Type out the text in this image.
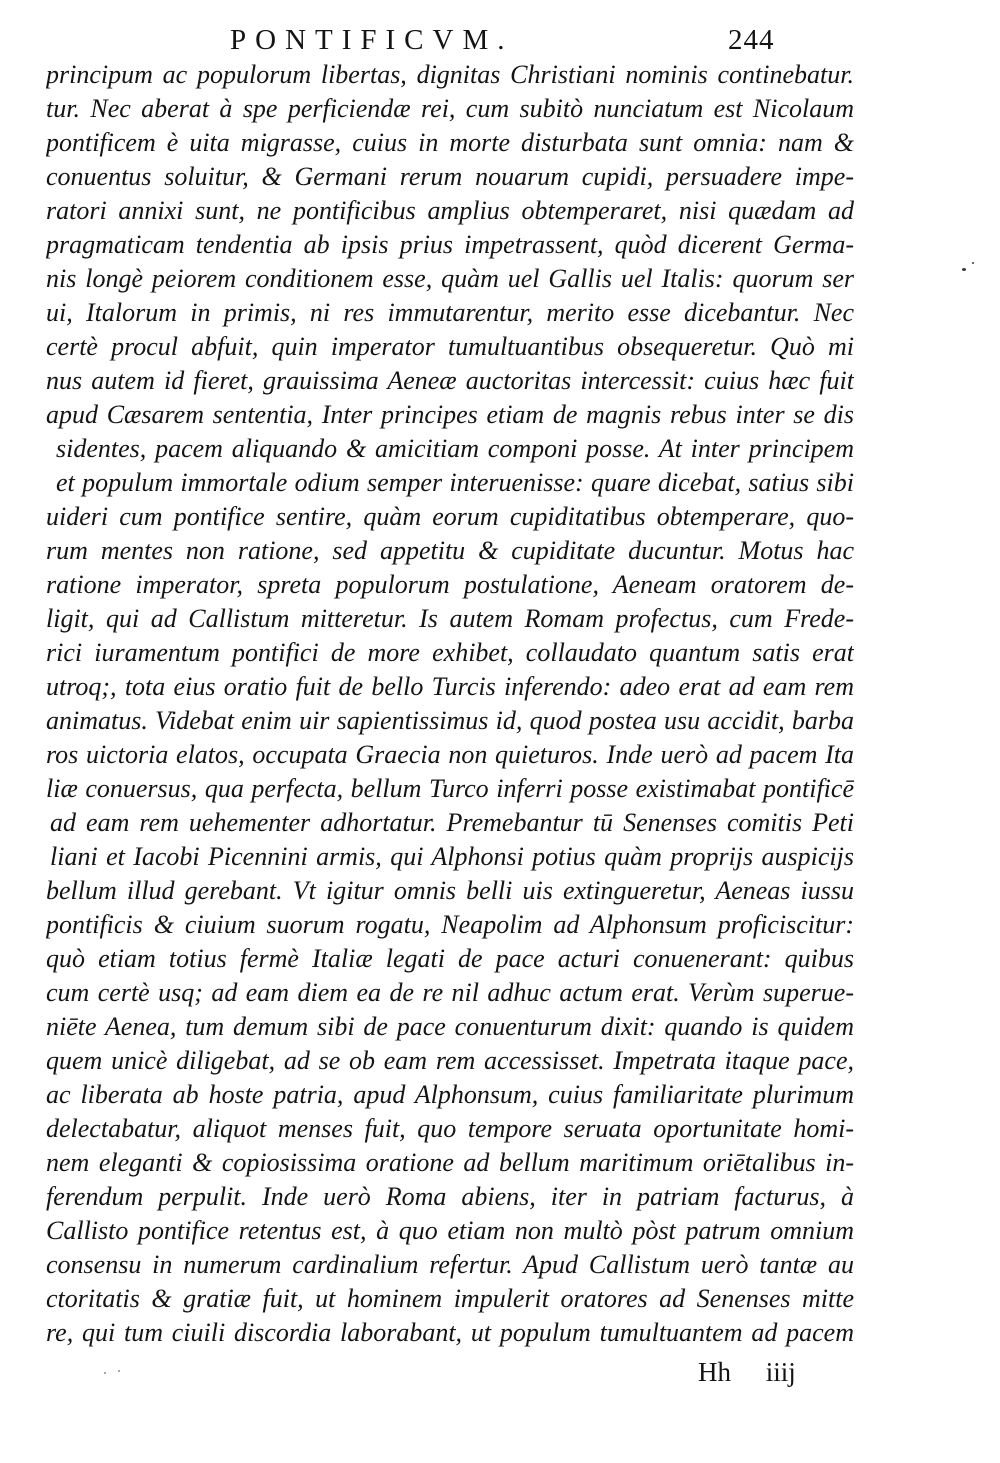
PONTIFICVM.	244
principum ac populorum libertas, dignitas Christiani nominis continebatur.
tur. Nec aberat à spe perficiendæ rei, cum subitò nunciatum est Nicolaum
pontificem è uita migrasse, cuius in morte disturbata sunt omnia: nam &
conuentus soluitur, & Germani rerum nouarum cupidi, persuadere impe-
ratori annixi sunt, ne pontificibus amplius obtemperaret, nisi quædam ad
pragmaticam tendentia ab ipsis prius impetrassent, quòd dicerent Germa-
nis longè peiorem conditionem esse, quàm uel Gallis uel Italis: quorum ser
ui, Italorum in primis, ni res immutarentur, merito esse dicebantur. Nec
certè procul abfuit, quin imperator tumultuantibus obsequeretur. Quò mi
nus autem id fieret, grauissima Aeneæ auctoritas intercessit: cuius hæc fuit
apud Cæsarem sententia, Inter principes etiam de magnis rebus inter se dis
sidentes, pacem aliquando & amicitiam componi posse. At inter principem
et populum immortale odium semper interuenisse: quare dicebat, satius sibi
uideri cum pontifice sentire, quàm eorum cupiditatibus obtemperare, quo-
rum mentes non ratione, sed appetitu & cupiditate ducuntur. Motus hac
ratione imperator, spreta populorum postulatione, Aeneam oratorem de-
ligit, qui ad Callistum mitteretur. Is autem Romam profectus, cum Frede-
rici iuramentum pontifici de more exhibet, collaudato quantum satis erat
utroq;, tota eius oratio fuit de bello Turcis inferendo: adeo erat ad eam rem
animatus. Videbat enim uir sapientissimus id, quod postea usu accidit, barba
ros uictoria elatos, occupata Graecia non quieturos. Inde uerò ad pacem Ita
liæ conuersus, qua perfecta, bellum Turco inferri posse existimabat pontificē
ad eam rem uehementer adhortatur. Premebantur tū Senenses comitis Peti
liani et Iacobi Picennini armis, qui Alphonsi potius quàm proprijs auspicijs
bellum illud gerebant. Vt igitur omnis belli uis extingueretur, Aeneas iussu
pontificis & ciuium suorum rogatu, Neapolim ad Alphonsum proficiscitur:
quò etiam totius fermè Italiæ legati de pace acturi conuenerant: quibus
cum certè usq; ad eam diem ea de re nil adhuc actum erat. Verùm superue-
niēte Aenea, tum demum sibi de pace conuenturum dixit: quando is quidem
quem unicè diligebat, ad se ob eam rem accessisset. Impetrata itaque pace,
ac liberata ab hoste patria, apud Alphonsum, cuius familiaritate plurimum
delectabatur, aliquot menses fuit, quo tempore seruata oportunitate homi-
nem eleganti & copiosissima oratione ad bellum maritimum oriētalibus in-
ferendum perpulit. Inde uerò Roma abiens, iter in patriam facturus, à
Callisto pontifice retentus est, à quo etiam non multò pòst patrum omnium
consensu in numerum cardinalium refertur. Apud Callistum uerò tantæ au
ctoritatis & gratiæ fuit, ut hominem impulerit oratores ad Senenses mitte
re, qui tum ciuili discordia laborabant, ut populum tumultuantem ad pacem
Hh iiij
